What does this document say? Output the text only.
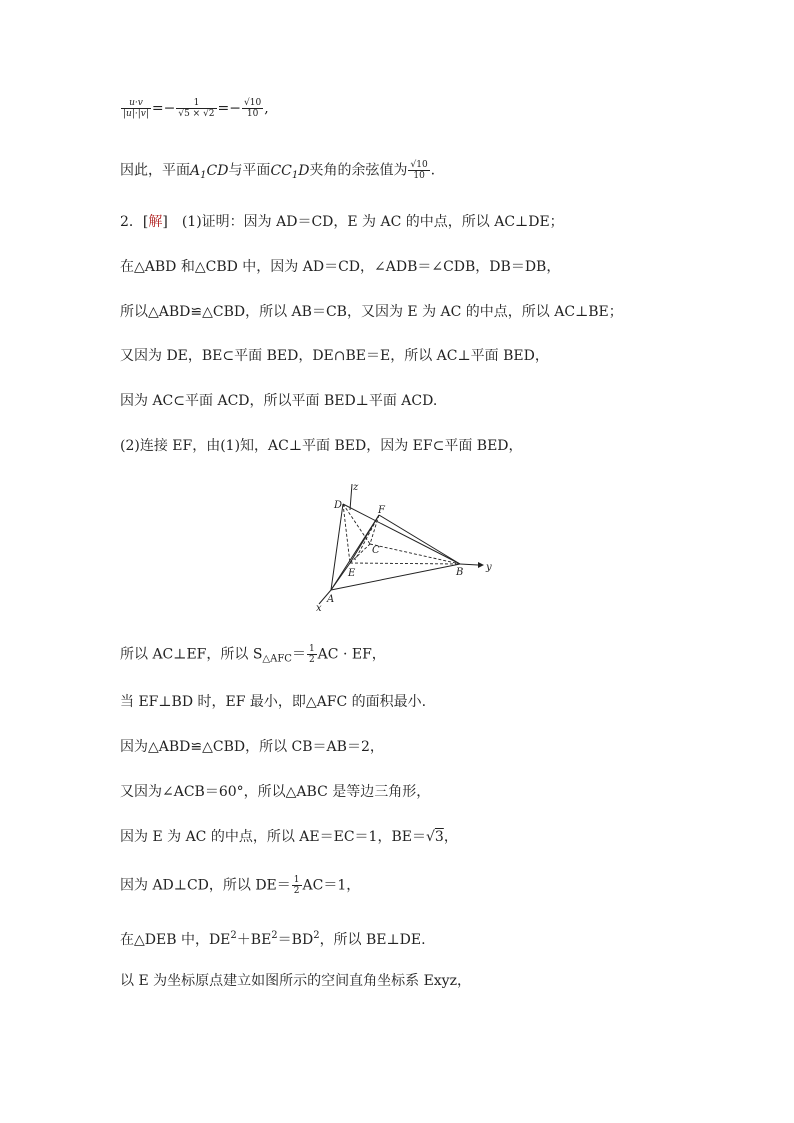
$\frac{u\cdot v}{|u|\cdot|v|} =- \frac{1}{√5 \times √2} =- \frac{√10}{10}$ ,
因此，平面$A_1CD$与平面$CC_1D$夹角的余弦值为 $\frac{√10}{10}$ .
2．[解]　(1)证明：因为 AD＝CD，E 为 AC 的中点，所以 AC⊥DE；
在△ABD 和△CBD 中，因为 AD＝CD，∠ADB＝∠CDB，DB＝DB，
所以△ABD≌△CBD，所以 AB＝CB，又因为 E 为 AC 的中点，所以 AC⊥BE；
又因为 DE，BE⊂平面 BED，DE∩BE＝E，所以 AC⊥平面 BED，
因为 AC⊂平面 ACD，所以平面 BED⊥平面 ACD.
(2)连接 EF，由(1)知，AC⊥平面 BED，因为 EF⊂平面 BED，
z
D	F
C
E	B y
A
x
所以 AC⊥EF，所以 $S_{\triangle AFC}= \frac{1}{2}$ AC · EF，
当 EF⊥BD 时，EF 最小，即△AFC 的面积最小.
因为△ABD≌△CBD，所以 CB＝AB＝2，
又因为∠ACB＝60°，所以△ABC 是等边三角形，
因为 E 为 AC 的中点，所以 AE＝EC＝1，BE＝√3，
因为 AD⊥CD，所以 $DE= \frac{1}{2} AC=1$，
在△DEB 中，$DE^2+BE^2=BD^2$，所以 BE⊥DE.
以 E 为坐标原点建立如图所示的空间直角坐标系 Exyz，
